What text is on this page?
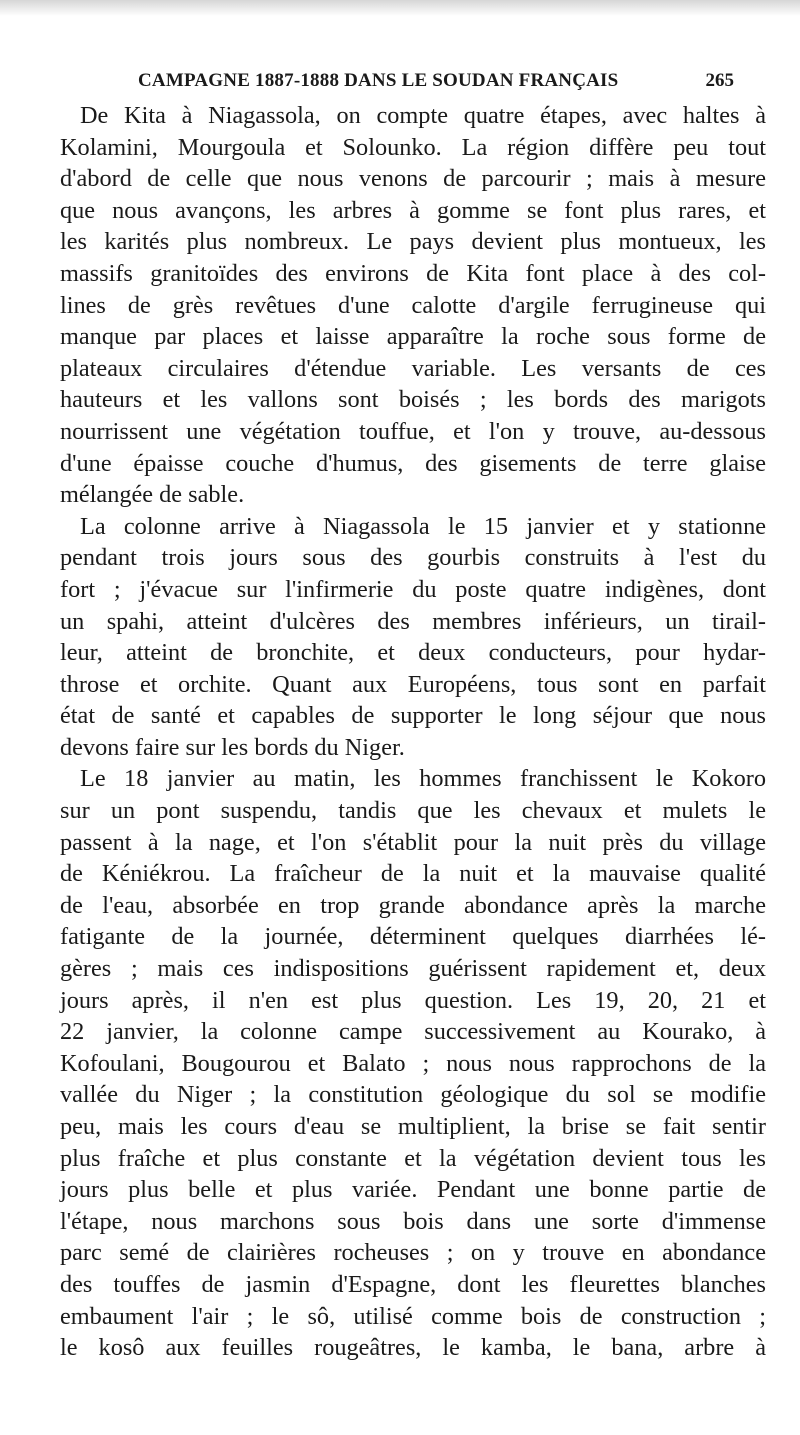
CAMPAGNE 1887-1888 DANS LE SOUDAN FRANÇAIS	265
De Kita à Niagassola, on compte quatre étapes, avec haltes à
Kolamini, Mourgoula et Solounko. La région diffère peu tout
d'abord de celle que nous venons de parcourir ; mais à mesure
que nous avançons, les arbres à gomme se font plus rares, et
les karités plus nombreux. Le pays devient plus montueux, les
massifs granitoïdes des environs de Kita font place à des col-
lines de grès revêtues d'une calotte d'argile ferrugineuse qui
manque par places et laisse apparaître la roche sous forme de
plateaux circulaires d'étendue variable. Les versants de ces
hauteurs et les vallons sont boisés ; les bords des marigots
nourrissent une végétation touffue, et l'on y trouve, au-dessous
d'une épaisse couche d'humus, des gisements de terre glaise
mélangée de sable.
La colonne arrive à Niagassola le 15 janvier et y stationne
pendant trois jours sous des gourbis construits à l'est du
fort ; j'évacue sur l'infirmerie du poste quatre indigènes, dont
un spahi, atteint d'ulcères des membres inférieurs, un tirail-
leur, atteint de bronchite, et deux conducteurs, pour hydar-
throse et orchite. Quant aux Européens, tous sont en parfait
état de santé et capables de supporter le long séjour que nous
devons faire sur les bords du Niger.
Le 18 janvier au matin, les hommes franchissent le Kokoro
sur un pont suspendu, tandis que les chevaux et mulets le
passent à la nage, et l'on s'établit pour la nuit près du village
de Kéniékrou. La fraîcheur de la nuit et la mauvaise qualité
de l'eau, absorbée en trop grande abondance après la marche
fatigante de la journée, déterminent quelques diarrhées lé-
gères ; mais ces indispositions guérissent rapidement et, deux
jours après, il n'en est plus question. Les 19, 20, 21 et
22 janvier, la colonne campe successivement au Kourako, à
Kofoulani, Bougourou et Balato ; nous nous rapprochons de la
vallée du Niger ; la constitution géologique du sol se modifie
peu, mais les cours d'eau se multiplient, la brise se fait sentir
plus fraîche et plus constante et la végétation devient tous les
jours plus belle et plus variée. Pendant une bonne partie de
l'étape, nous marchons sous bois dans une sorte d'immense
parc semé de clairières rocheuses ; on y trouve en abondance
des touffes de jasmin d'Espagne, dont les fleurettes blanches
embaument l'air ; le sô, utilisé comme bois de construction ;
le kosô aux feuilles rougeâtres, le kamba, le bana, arbre à
